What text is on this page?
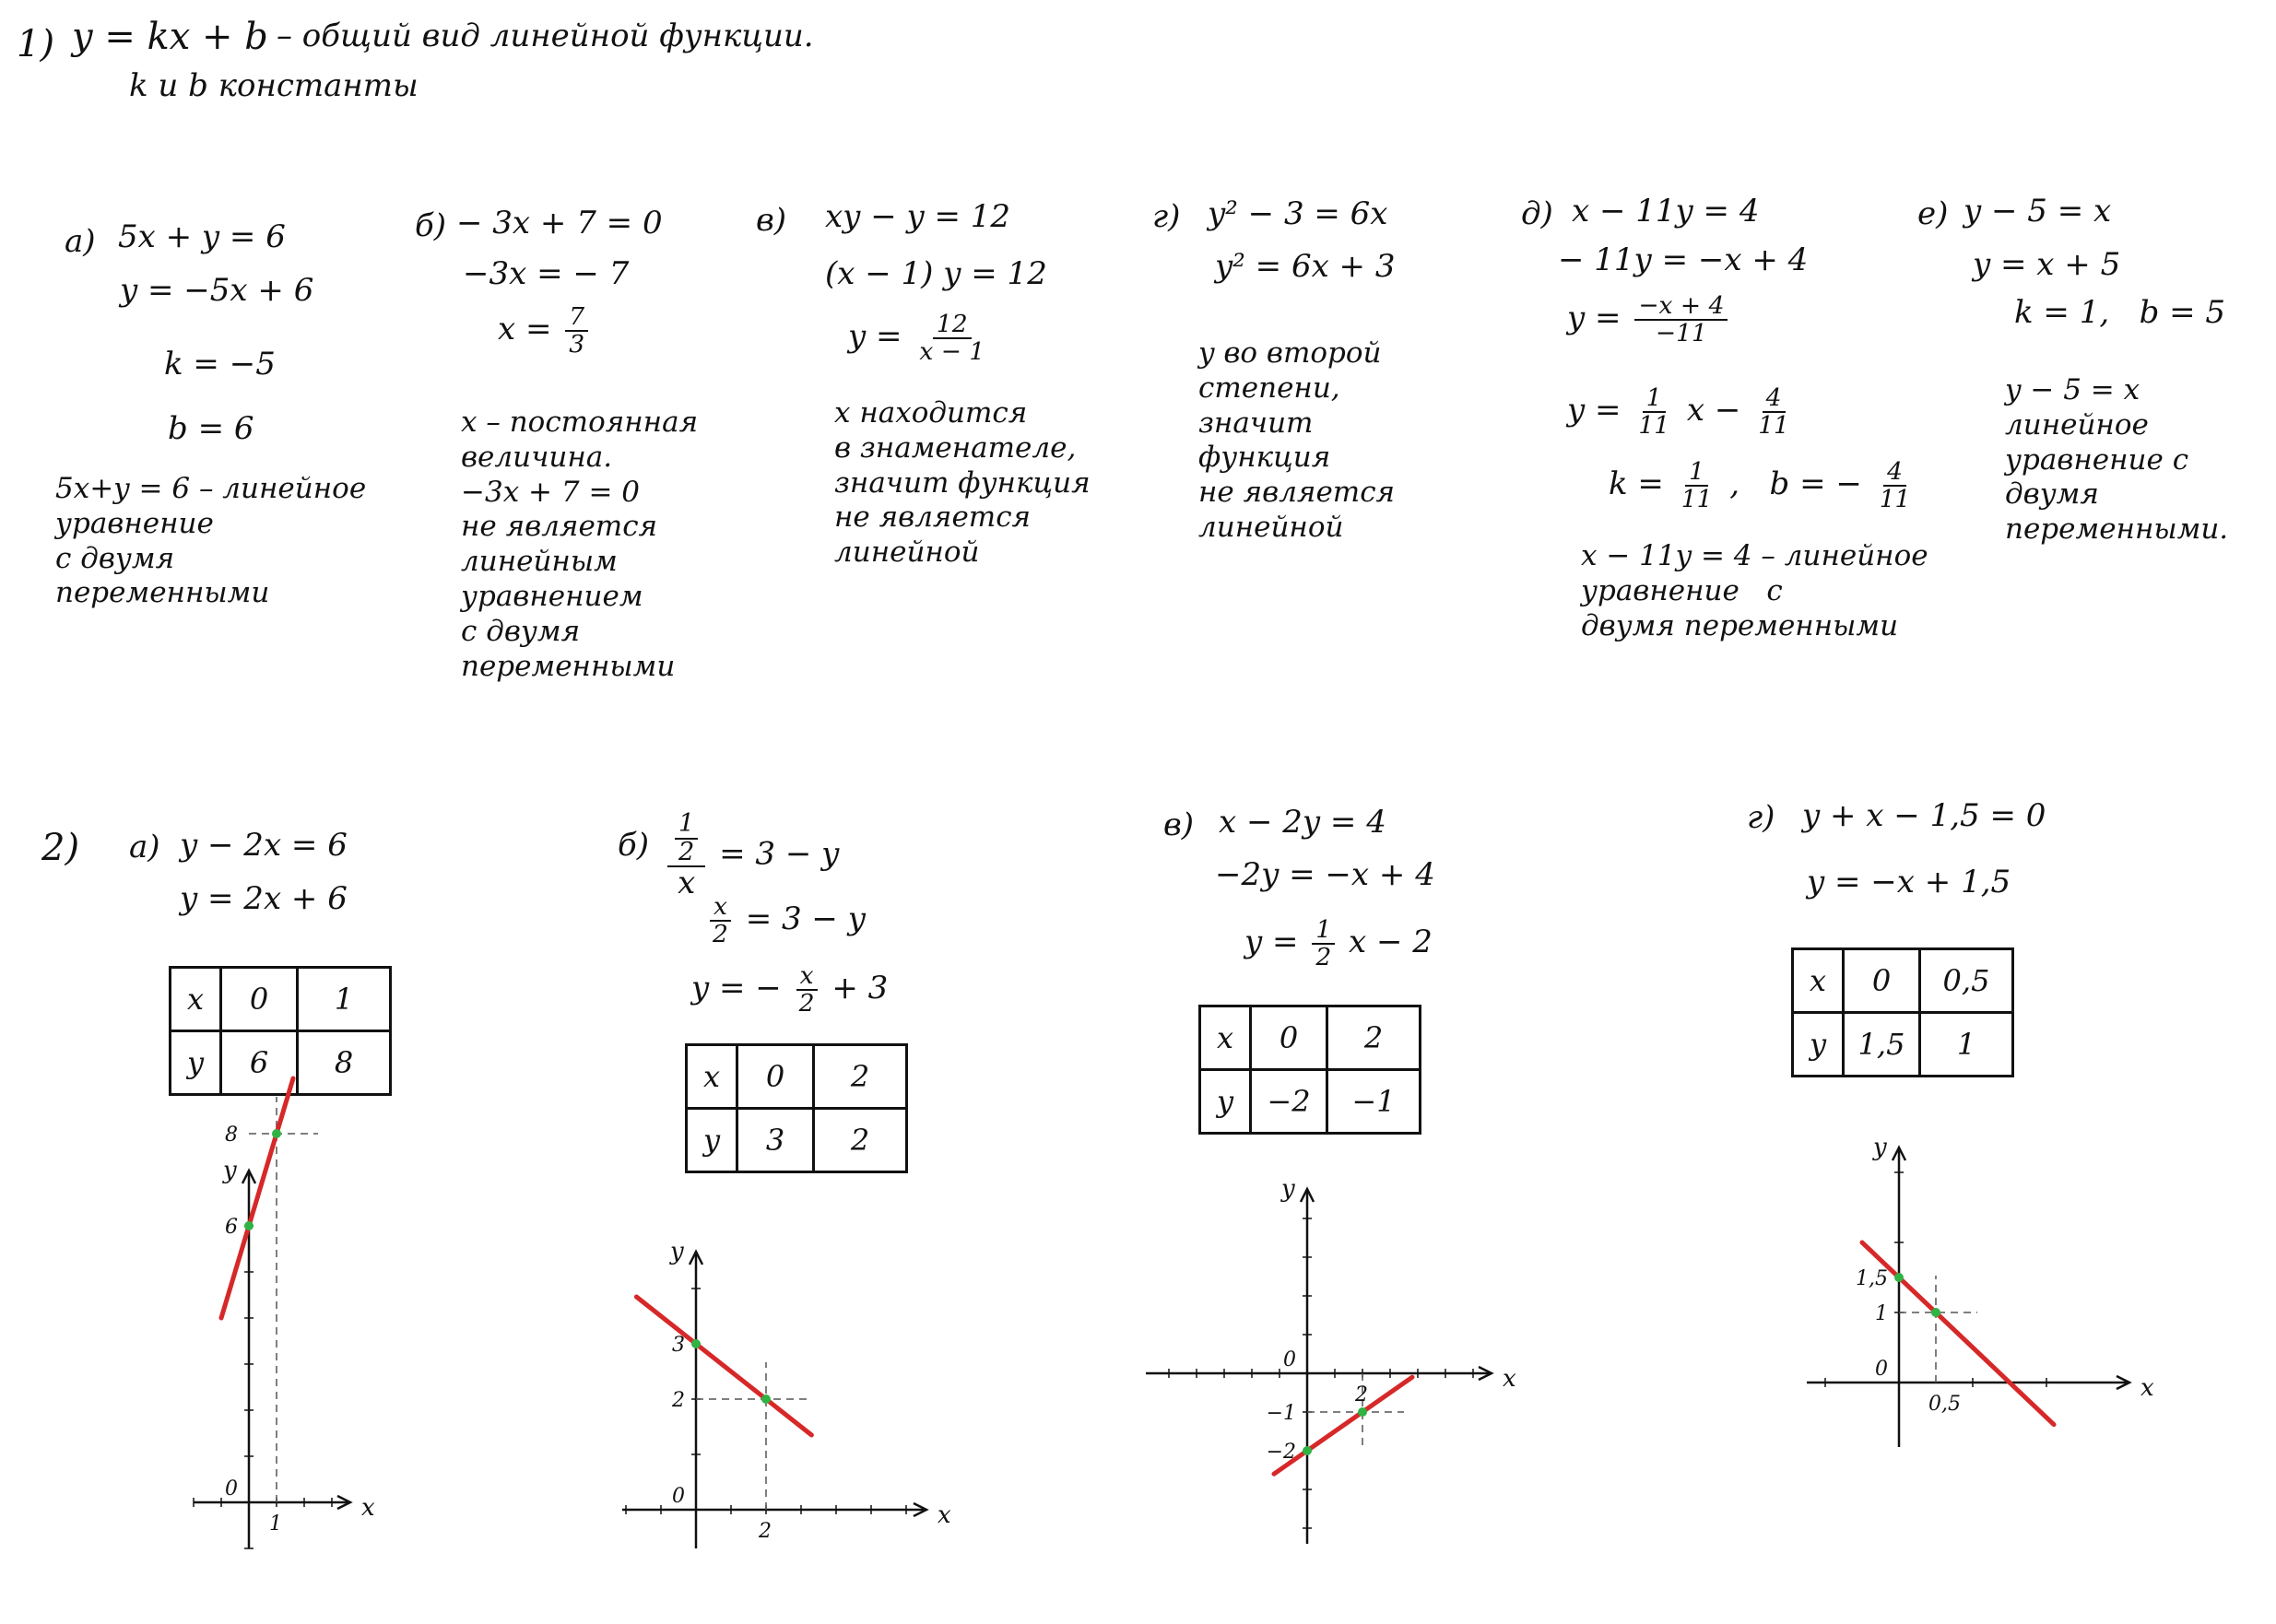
1) y = kx + b – общий вид линейной функции.
k и b константы
а) 5x + y = 6
y = −5x + 6
k = −5
b = 6
5x+y = 6 – линейное
уравнение
с двумя
переменными
б) − 3x + 7 = 0
−3x = − 7
$x = \frac{7}{3}$
x – постоянная
величина.
−3x + 7 = 0
не является
линейным
уравнением
с двумя
переменными
в) xy − y = 12
(x − 1) y = 12
$y = \frac{12}{x - 1}$
x находится
в знаменателе,
значит функция
не является
линейной
г) y² − 3 = 6x
y² = 6x + 3
y во второй
степени,
значит
функция
не является
линейной
д) x − 11y = 4
− 11y = −x + 4
$y = \frac{-x + 4}{-11}$
$y = \frac{1}{11}$ $x - \frac{4}{11}$
$k = \frac{1}{11}$ ,   b = − $\frac{4}{11}$
x − 11y = 4 – линейное
уравнение   с
двумя переменными
е) y − 5 = x
y = x + 5
k = 1,   b = 5
y − 5 = x
линейное
уравнение с
двумя
переменными.
2) а) y − 2x = 6
y = 2x + 6
x	0	1
y	6	8
$б) \frac{\frac{1}{2}}{x} = 3 - y$
$\frac{x}{2} = 3 - y$
y = − $\frac{x}{2} + 3$
x	0	2
y	3	2
в) x − 2y = 4
−2y = −x + 4
$y = \frac{1}{2}$ x − 2
x	0	2
y	−2	−1
г) y + x − 1,5 = 0
y = −x + 1,5
x	0	0,5
y	1,5	1
x
y
0
1
6
8
x
y
0
2
3
2
x
y
0
2
−1
−2
x
y
0
0,5
1,5
1
